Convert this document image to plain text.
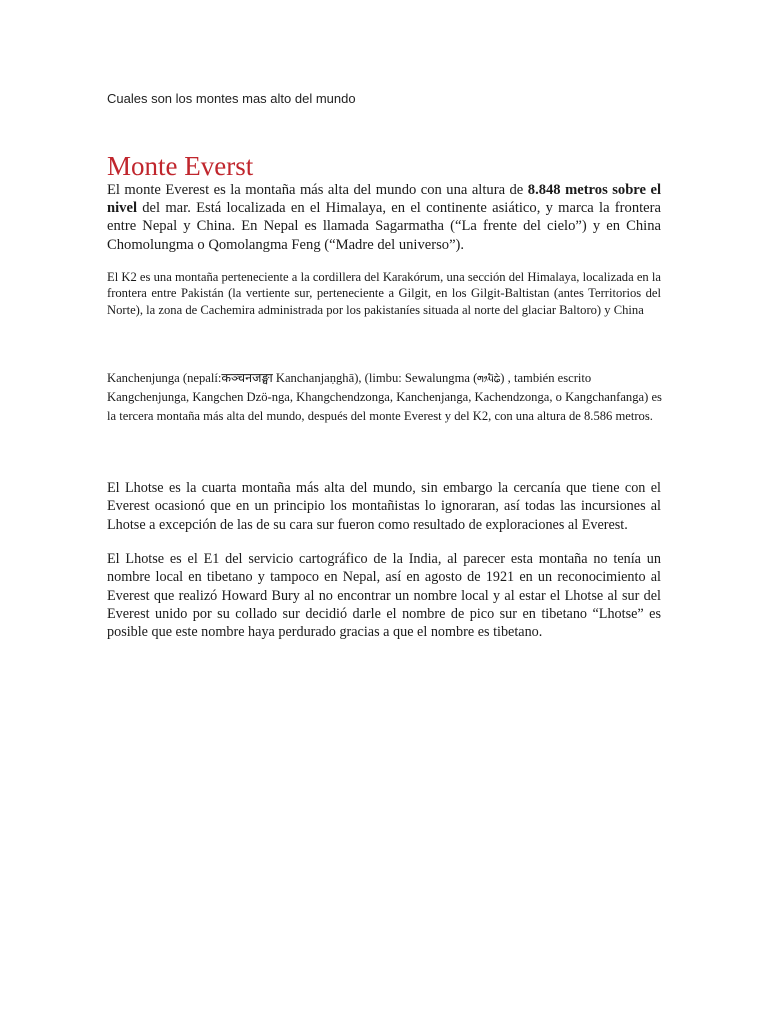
Cuales son los montes mas alto del mundo

Monte Everst

El monte Everest es la montaña más alta del mundo con una altura de 8.848 metros sobre el nivel del mar. Está localizada en el Himalaya, en el continente asiático, y marca la frontera entre Nepal y China. En Nepal es llamada Sagarmatha (“La frente del cielo”) y en China Chomolungma o Qomolangma Feng (“Madre del universo”).

El K2 es una montaña perteneciente a la cordillera del Karakórum, una sección del Himalaya, localizada en la frontera entre Pakistán (la vertiente sur, perteneciente a Gilgit, en los Gilgit-Baltistan (antes Territorios del Norte), la zona de Cachemira administrada por los pakistaníes situada al norte del glaciar Baltoro) y China

Kanchenjunga (nepalí:कञ्चनजङ्घा Kanchanjaṇghā), (limbu: Sewalungma (ᤛᤣᤘᤠᤒᤧ) , también escrito Kangchenjunga, Kangchen Dzö-nga, Khangchendzonga, Kanchenjanga, Kachendzonga, o Kangchanfanga) es la tercera montaña más alta del mundo, después del monte Everest y del K2, con una altura de 8.586 metros.

El Lhotse es la cuarta montaña más alta del mundo, sin embargo la cercanía que tiene con el Everest ocasionó que en un principio los montañistas lo ignoraran, así todas las incursiones al Lhotse a excepción de las de su cara sur fueron como resultado de exploraciones al Everest.

El Lhotse es el E1 del servicio cartográfico de la India, al parecer esta montaña no tenía un nombre local en tibetano y tampoco en Nepal, así en agosto de 1921 en un reconocimiento al Everest que realizó Howard Bury al no encontrar un nombre local y al estar el Lhotse al sur del Everest unido por su collado sur decidió darle el nombre de pico sur en tibetano “Lhotse” es posible que este nombre haya perdurado gracias a que el nombre es tibetano.
